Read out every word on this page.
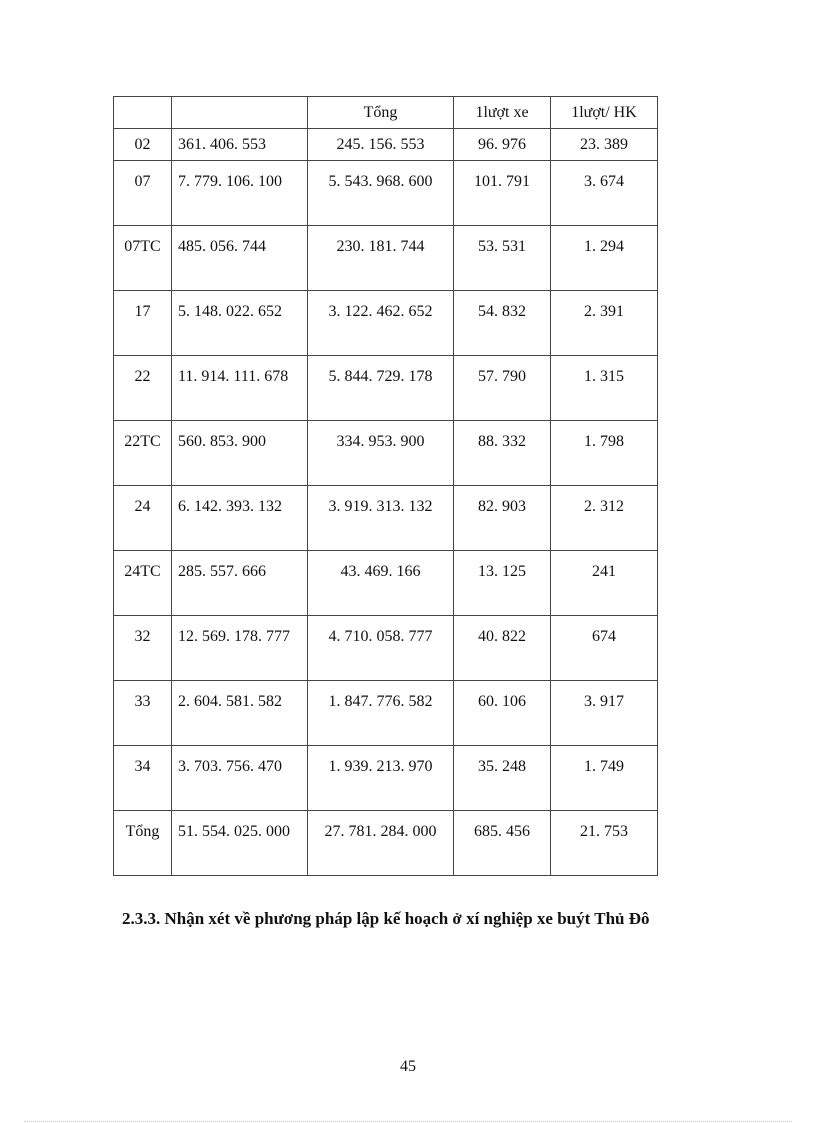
		Tổng	1lượt xe	1lượt/ HK
02	361. 406. 553	245. 156. 553	96. 976	23. 389
07	7. 779. 106. 100	5. 543. 968. 600	101. 791	3. 674
07TC	485. 056. 744	230. 181. 744	53. 531	1. 294
17	5. 148. 022. 652	3. 122. 462. 652	54. 832	2. 391
22	11. 914. 111. 678	5. 844. 729. 178	57. 790	1. 315
22TC	560. 853. 900	334. 953. 900	88. 332	1. 798
24	6. 142. 393. 132	3. 919. 313. 132	82. 903	2. 312
24TC	285. 557. 666	43. 469. 166	13. 125	241
32	12. 569. 178. 777	4. 710. 058. 777	40. 822	674
33	2. 604. 581. 582	1. 847. 776. 582	60. 106	3. 917
34	3. 703. 756. 470	1. 939. 213. 970	35. 248	1. 749
Tổng	51. 554. 025. 000	27. 781. 284. 000	685. 456	21. 753
2.3.3. Nhận xét về phương pháp lập kế hoạch ở xí nghiệp xe buýt Thủ Đô
45
